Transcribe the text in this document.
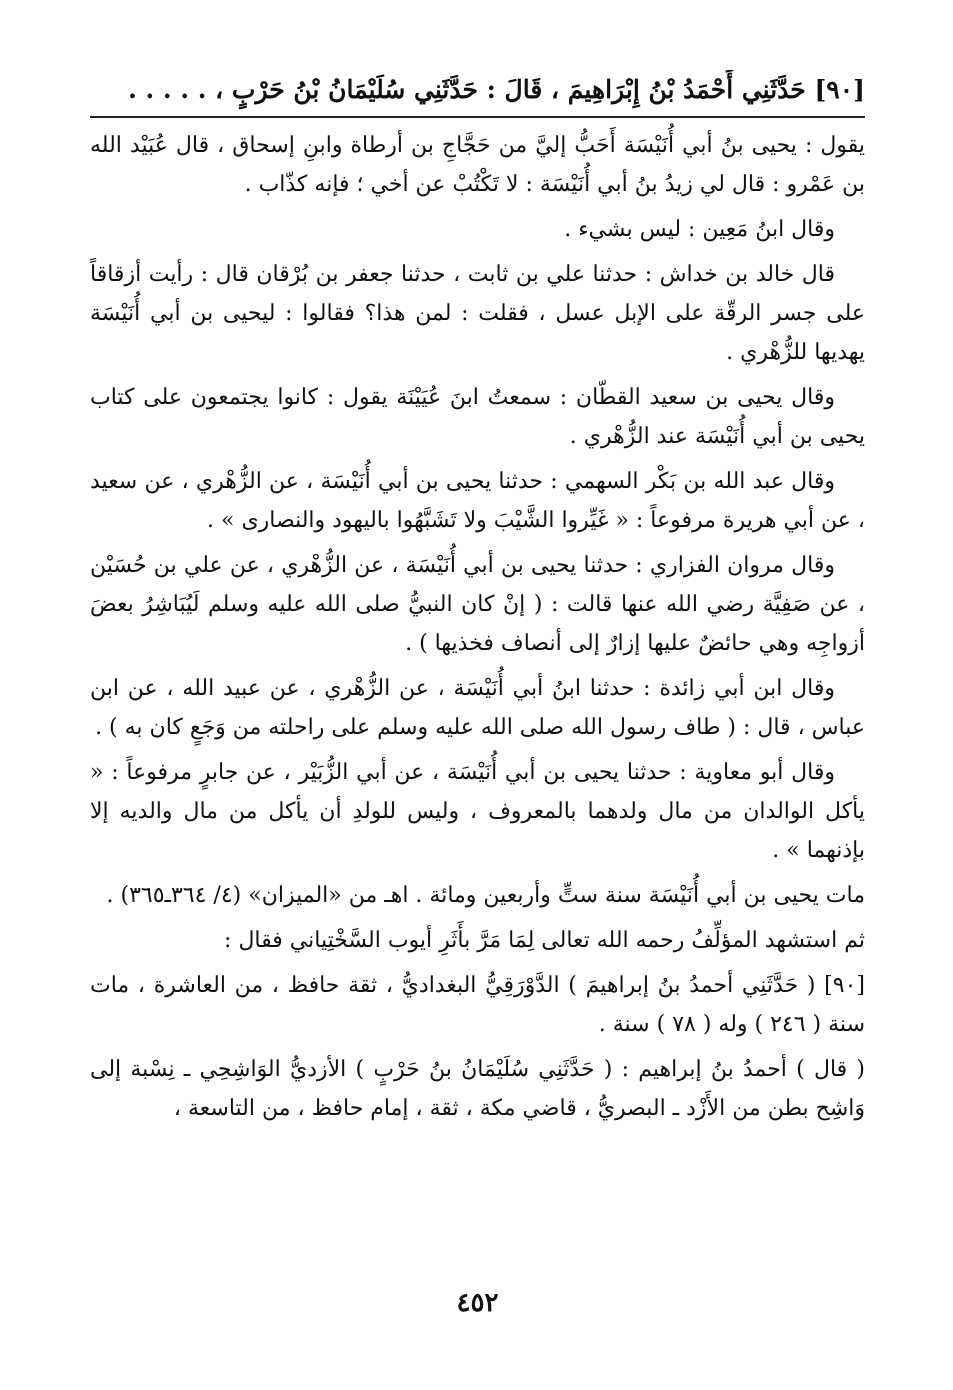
[٩٠] حَدَّثَنِي أَحْمَدُ بْنُ إِبْرَاهِيمَ ، قَالَ : حَدَّثَنِي سُلَيْمَانُ بْنُ حَرْبٍ ، . . . . .

يقول : يحيى بنُ أبي أُنَيْسَة أَحَبُّ إليَّ من حَجَّاجِ بن أرطاة وابنِ إسحاق ، قال عُبَيْد الله بن عَمْرو : قال لي زيدُ بنُ أبي أُنَيْسَة : لا تَكْتُبْ عن أخي ؛ فإنه كذّاب .

وقال ابنُ مَعِين : ليس بشيء .

قال خالد بن خداش : حدثنا علي بن ثابت ، حدثنا جعفر بن بُرْقان قال : رأيت أزقاقاً على جسر الرقّة على الإبل عسل ، فقلت : لمن هذا؟ فقالوا : ليحيى بن أبي أُنَيْسَة يهديها للزُّهْري .

وقال يحيى بن سعيد القطّان : سمعتُ ابنَ عُيَيْنَة يقول : كانوا يجتمعون على كتاب يحيى بن أبي أُنَيْسَة عند الزُّهْري .

وقال عبد الله بن بَكْر السهمي : حدثنا يحيى بن أبي أُنَيْسَة ، عن الزُّهْري ، عن سعيد ، عن أبي هريرة مرفوعاً : « غَيِّروا الشَّيْبَ ولا تَشَبَّهُوا باليهود والنصارى » .

وقال مروان الفزاري : حدثنا يحيى بن أبي أُنَيْسَة ، عن الزُّهْري ، عن علي بن حُسَيْن ، عن صَفِيَّة رضي الله عنها قالت : ( إنْ كان النبيُّ صلى الله عليه وسلم لَيُبَاشِرُ بعضَ أزواجِه وهي حائضٌ عليها إزارٌ إلى أنصاف فخذيها ) .

وقال ابن أبي زائدة : حدثنا ابنُ أبي أُنَيْسَة ، عن الزُّهْري ، عن عبيد الله ، عن ابن عباس ، قال : ( طاف رسول الله صلى الله عليه وسلم على راحلته من وَجَعٍ كان به ) .

وقال أبو معاوية : حدثنا يحيى بن أبي أُنَيْسَة ، عن أبي الزُّبَيْر ، عن جابرٍ مرفوعاً : « يأكل الوالدان من مال ولدهما بالمعروف ، وليس للولدِ أن يأكل من مال والديه إلا بإذنهما » .

مات يحيى بن أبي أُنَيْسَة سنة ستٍّ وأربعين ومائة . اهـ من «الميزان» (٤/ ٣٦٤ـ٣٦٥) .

ثم استشهد المؤلِّفُ رحمه الله تعالى لِمَا مَرَّ بأَثَرِ أيوب السَّخْتِياني فقال :

[٩٠] ( حَدَّثَنِي أحمدُ بنُ إبراهيمَ ) الدَّوْرَقِيُّ البغداديُّ ، ثقة حافظ ، من العاشرة ، مات سنة ( ٢٤٦ ) وله ( ٧٨ ) سنة .

( قال ) أحمدُ بنُ إبراهيم : ( حَدَّثَنِي سُلَيْمَانُ بنُ حَرْبٍ ) الأزديُّ الوَاشِحِي ـ نِسْبة إلى وَاشِح بطن من الأَزْد ـ البصريُّ ، قاضي مكة ، ثقة ، إمام حافظ ، من التاسعة ،

٤٥٢
